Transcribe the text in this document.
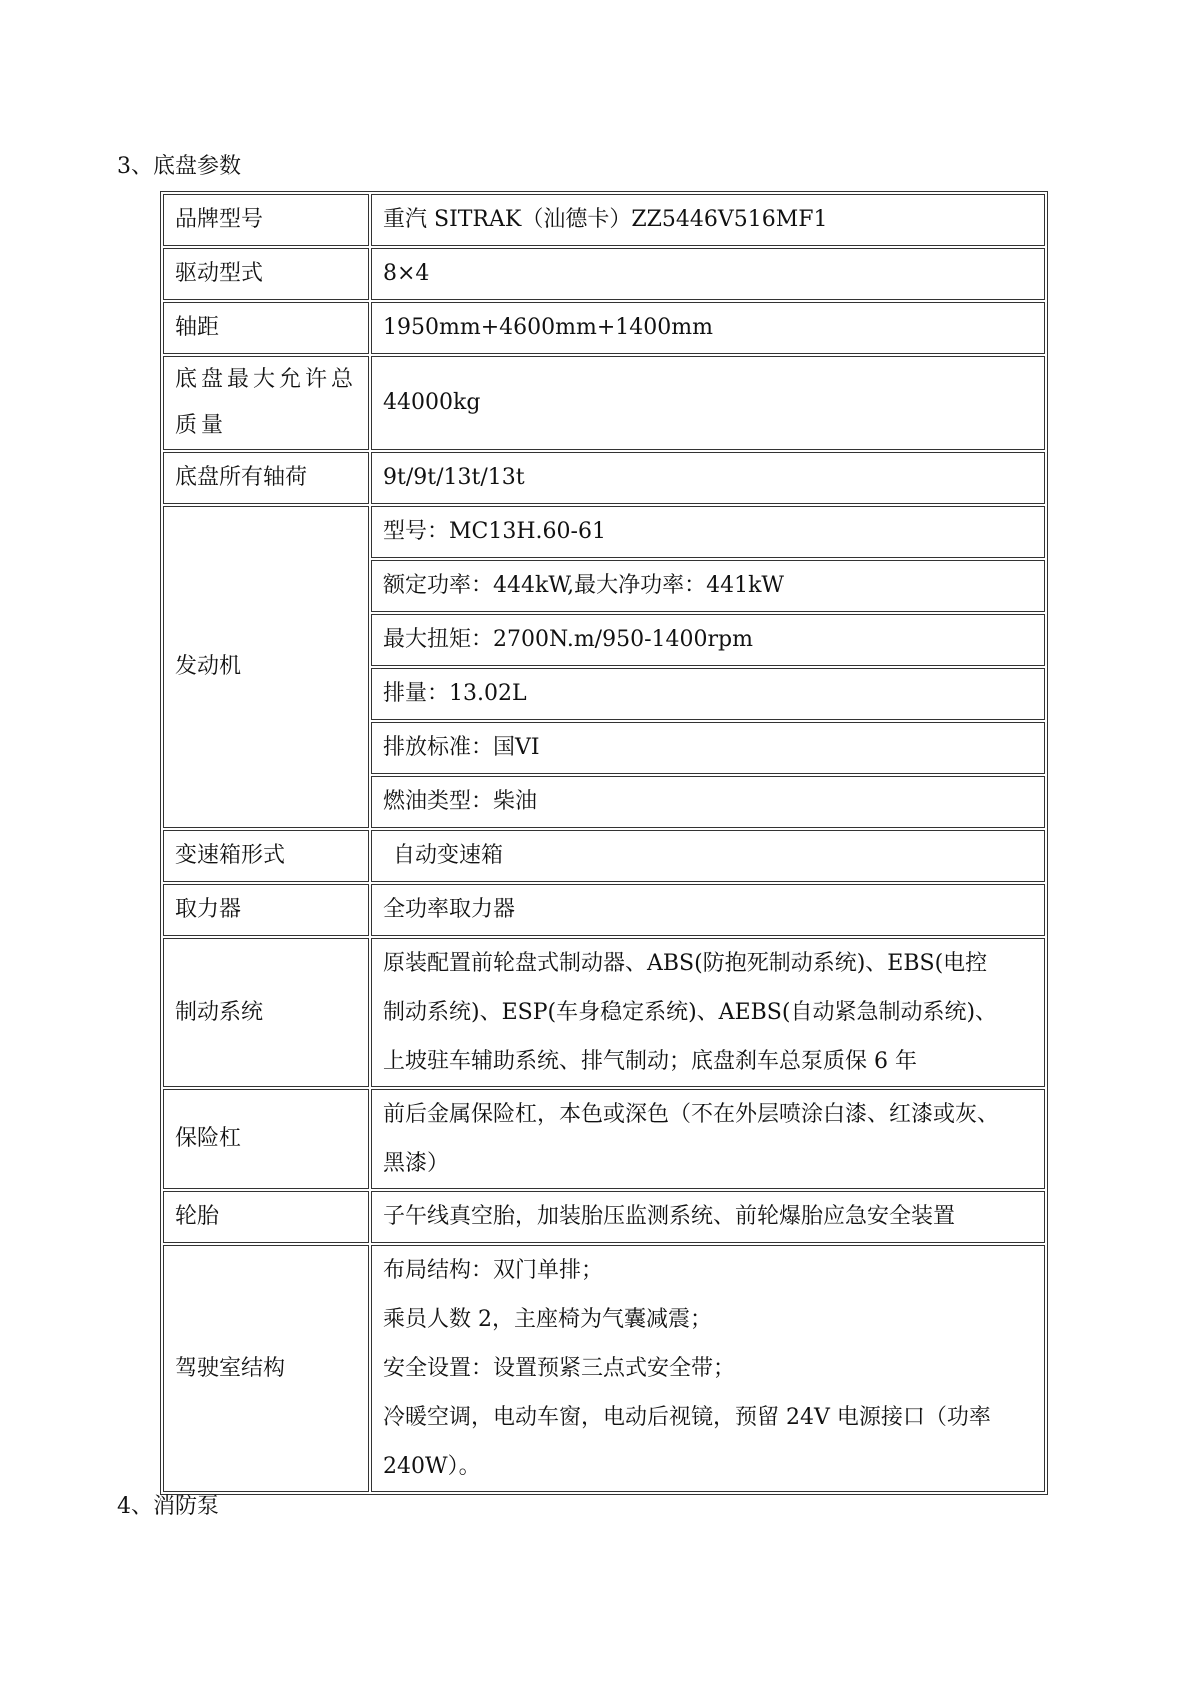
3、底盘参数
品牌型号	重汽 SITRAK（汕德卡）ZZ5446V516MF1
驱动型式	8×4
轴距	1950mm+4600mm+1400mm

底盘最大允许总
质量	44000kg
底盘所有轴荷	9t/9t/13t/13t
发动机	型号：MC13H.60-61
	额定功率：444kW,最大净功率：441kW
	最大扭矩：2700N.m/950-1400rpm
	排量：13.02L
	排放标准：国VI
	燃油类型：柴油
变速箱形式	自动变速箱
取力器	全功率取力器
制动系统	原装配置前轮盘式制动器、ABS(防抱死制动系统)、EBS(电控
制动系统)、ESP(车身稳定系统)、AEBS(自动紧急制动系统)、
上坡驻车辅助系统、排气制动；底盘刹车总泵质保 6 年

保险杠	前后金属保险杠，本色或深色（不在外层喷涂白漆、红漆或灰、
黑漆）

轮胎	子午线真空胎，加装胎压监测系统、前轮爆胎应急安全装置
驾驶室结构	布局结构：双门单排；
乘员人数 2，主座椅为气囊减震；
安全设置：设置预紧三点式安全带；
冷暖空调，电动车窗，电动后视镜，预留 24V 电源接口（功率
240W）。
4、消防泵
